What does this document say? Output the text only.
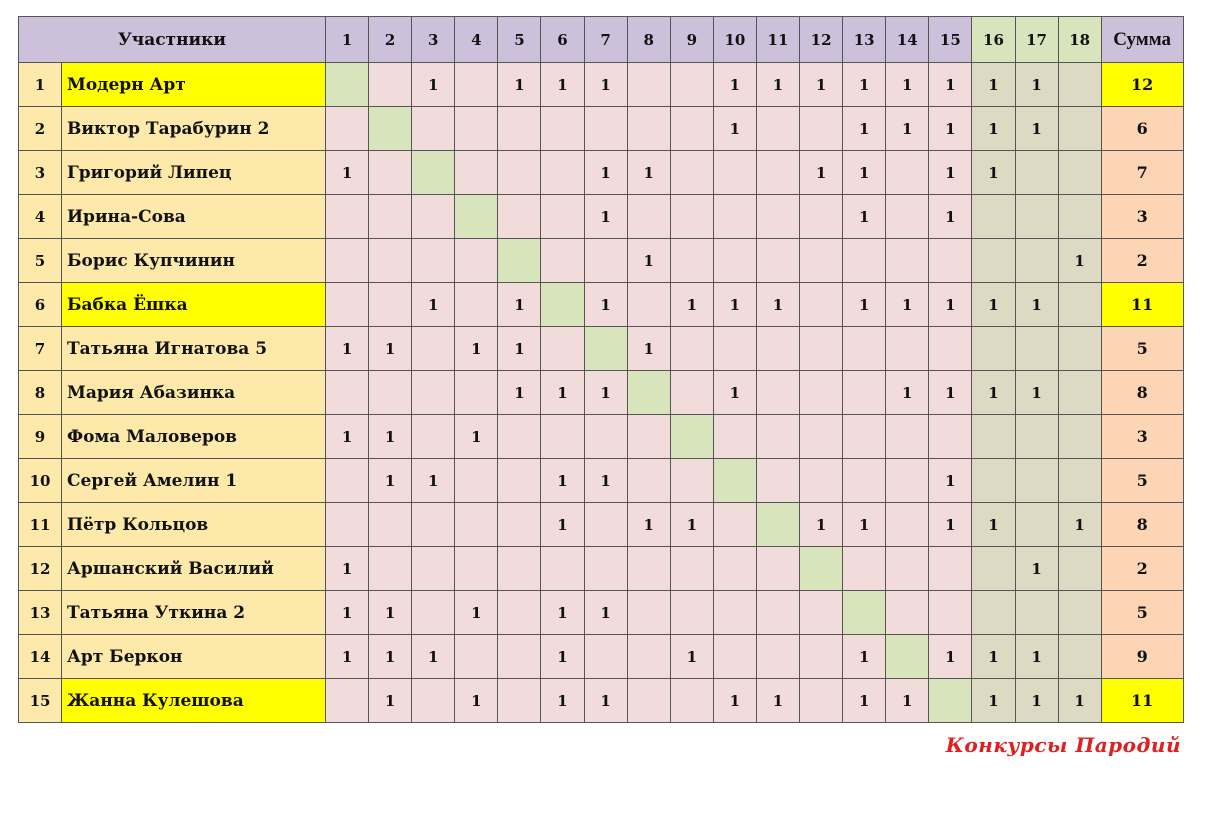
Участники		1	2	3	4	5	6	7	8	9	10	11	12	13	14	15	16	17	18	Сумма
1	Модерн Арт			1		1	1	1			1	1	1	1	1	1	1	1		12
2	Виктор Тарабурин 2										1			1	1	1	1	1		6
3	Григорий Липец	1						1	1				1	1		1	1			7
4	Ирина-Сова							1						1		1				3
5	Борис Купчинин								1										1	2
6	Бабка Ёшка			1		1		1		1	1	1		1	1	1	1	1		11
7	Татьяна Игнатова 5	1	1		1	1			1											5
8	Мария Абазинка					1	1	1			1				1	1	1	1		8
9	Фома Маловеров	1	1		1															3
10	Сергей Амелин 1		1	1			1	1								1				5
11	Пётр Кольцов						1		1	1			1	1		1	1		1	8
12	Аршанский Василий	1																1		2
13	Татьяна Уткина 2	1	1		1		1	1												5
14	Арт Беркон	1	1	1			1			1				1		1	1	1		9
15	Жанна Кулешова		1		1		1	1			1	1		1	1		1	1	1	11
Конкурсы Пародий
